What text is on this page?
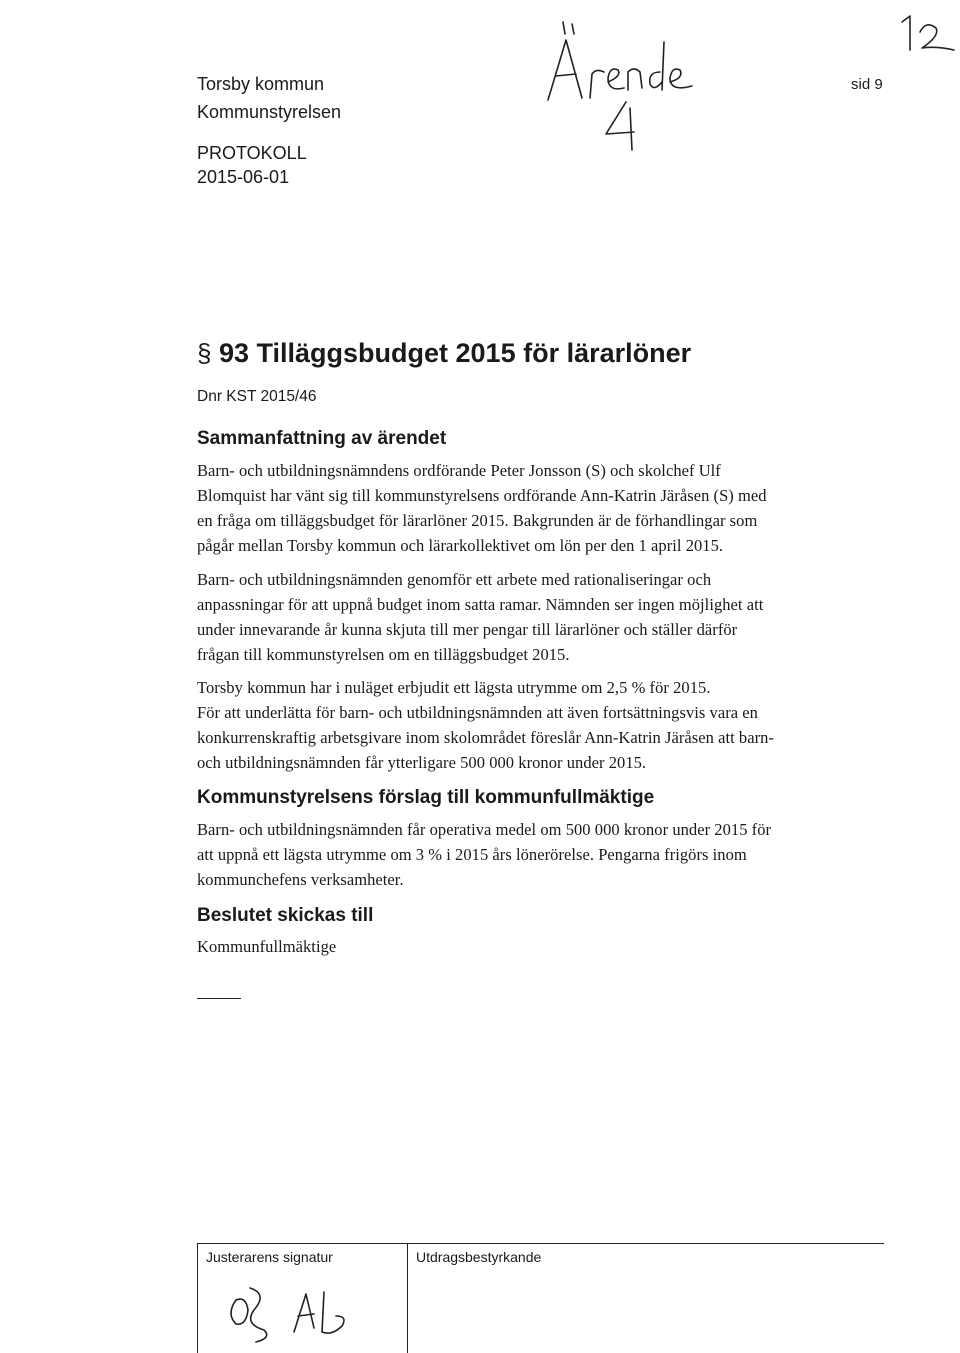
Torsby kommun
Kommunstyrelsen
PROTOKOLL
2015-06-01
sid 9
§ 93 Tilläggsbudget 2015 för lärarlöner
Dnr KST 2015/46
Sammanfattning av ärendet
Barn- och utbildningsnämndens ordförande Peter Jonsson (S) och skolchef Ulf
Blomquist har vänt sig till kommunstyrelsens ordförande Ann-Katrin Järåsen (S) med
en fråga om tilläggsbudget för lärarlöner 2015. Bakgrunden är de förhandlingar som
pågår mellan Torsby kommun och lärarkollektivet om lön per den 1 april 2015.
Barn- och utbildningsnämnden genomför ett arbete med rationaliseringar och
anpassningar för att uppnå budget inom satta ramar. Nämnden ser ingen möjlighet att
under innevarande år kunna skjuta till mer pengar till lärarlöner och ställer därför
frågan till kommunstyrelsen om en tilläggsbudget 2015.
Torsby kommun har i nuläget erbjudit ett lägsta utrymme om 2,5 % för 2015.
För att underlätta för barn- och utbildningsnämnden att även fortsättningsvis vara en
konkurrenskraftig arbetsgivare inom skolområdet föreslår Ann-Katrin Järåsen att barn-
och utbildningsnämnden får ytterligare 500 000 kronor under 2015.
Kommunstyrelsens förslag till kommunfullmäktige
Barn- och utbildningsnämnden får operativa medel om 500 000 kronor under 2015 för
att uppnå ett lägsta utrymme om 3 % i 2015 års lönerörelse. Pengarna frigörs inom
kommunchefens verksamheter.
Beslutet skickas till
Kommunfullmäktige
Justerarens signatur	Utdragsbestyrkande
